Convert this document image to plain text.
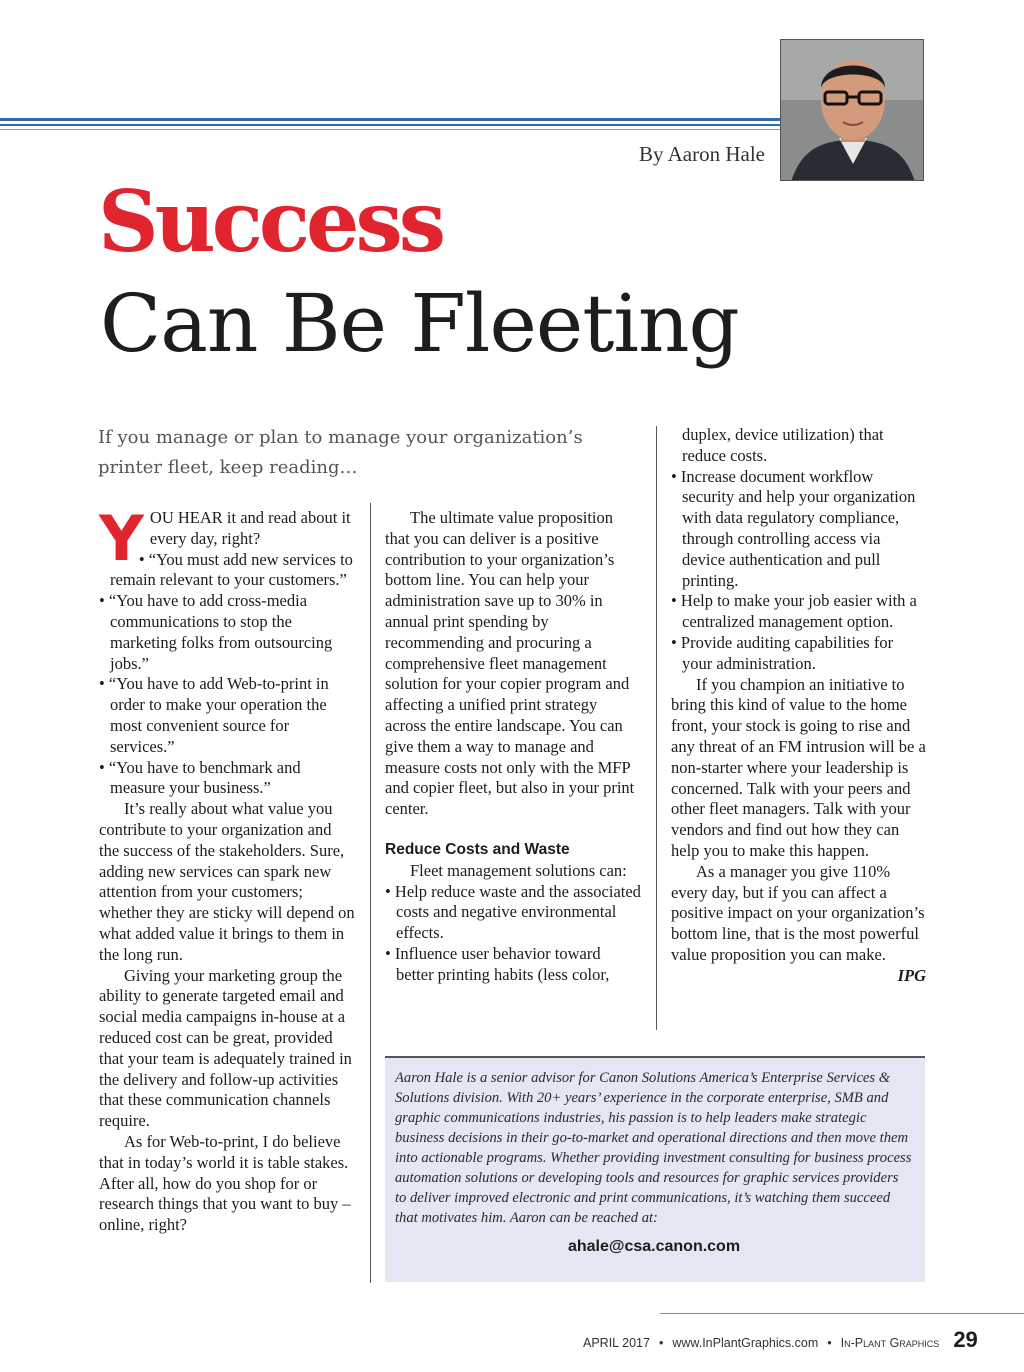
By Aaron Hale
Success
Can Be Fleeting
If you manage or plan to manage your organization’s printer fleet, keep reading…

Y OU HEAR it and read about it every day, right?

• “You must add new services to remain relevant to your customers.”

• “You have to add cross-media communications to stop the marketing folks from outsourcing jobs.”

• “You have to add Web-to-print in order to make your operation the most convenient source for services.”

• “You have to benchmark and measure your business.”

It’s really about what value you contribute to your organization and the success of the stakeholders. Sure, adding new services can spark new attention from your customers; whether they are sticky will depend on what added value it brings to them in the long run.

Giving your marketing group the ability to generate targeted email and social media campaigns in-house at a reduced cost can be great, provided that your team is adequately trained in the delivery and follow-up activities that these communication channels require.

As for Web-to-print, I do believe that in today’s world it is table stakes. After all, how do you shop for or research things that you want to buy – online, right?

The ultimate value proposition that you can deliver is a positive contribution to your organization’s bottom line. You can help your administration save up to 30% in annual print spending by recommending and procuring a comprehensive fleet management solution for your copier program and affecting a unified print strategy across the entire landscape. You can give them a way to manage and measure costs not only with the MFP and copier fleet, but also in your print center.

Reduce Costs and Waste

Fleet management solutions can:

• Help reduce waste and the associated costs and negative environmental effects.

• Influence user behavior toward better printing habits (less color,

duplex, device utilization) that reduce costs.

• Increase document workflow security and help your organization with data regulatory compliance, through controlling access via device authentication and pull printing.

• Help to make your job easier with a centralized management option.

• Provide auditing capabilities for your administration.

If you champion an initiative to bring this kind of value to the home front, your stock is going to rise and any threat of an FM intrusion will be a non-starter where your leadership is concerned. Talk with your peers and other fleet managers. Talk with your vendors and find out how they can help you to make this happen.

As a manager you give 110% every day, but if you can affect a positive impact on your organization’s bottom line, that is the most powerful value proposition you can make.
IPG

Aaron Hale is a senior advisor for Canon Solutions America’s Enterprise Services & Solutions division. With 20+ years’ experience in the corporate enterprise, SMB and graphic communications industries, his passion is to help leaders make strategic business decisions in their go-to-market and operational directions and then move them into actionable programs. Whether providing investment consulting for business process automation solutions or developing tools and resources for graphic services providers to deliver improved electronic and print communications, it’s watching them succeed that motivates him. Aaron can be reached at:
ahale@csa.canon.com
APRIL 2017 • www.InPlantGraphics.com • In-Plant Graphics 29
